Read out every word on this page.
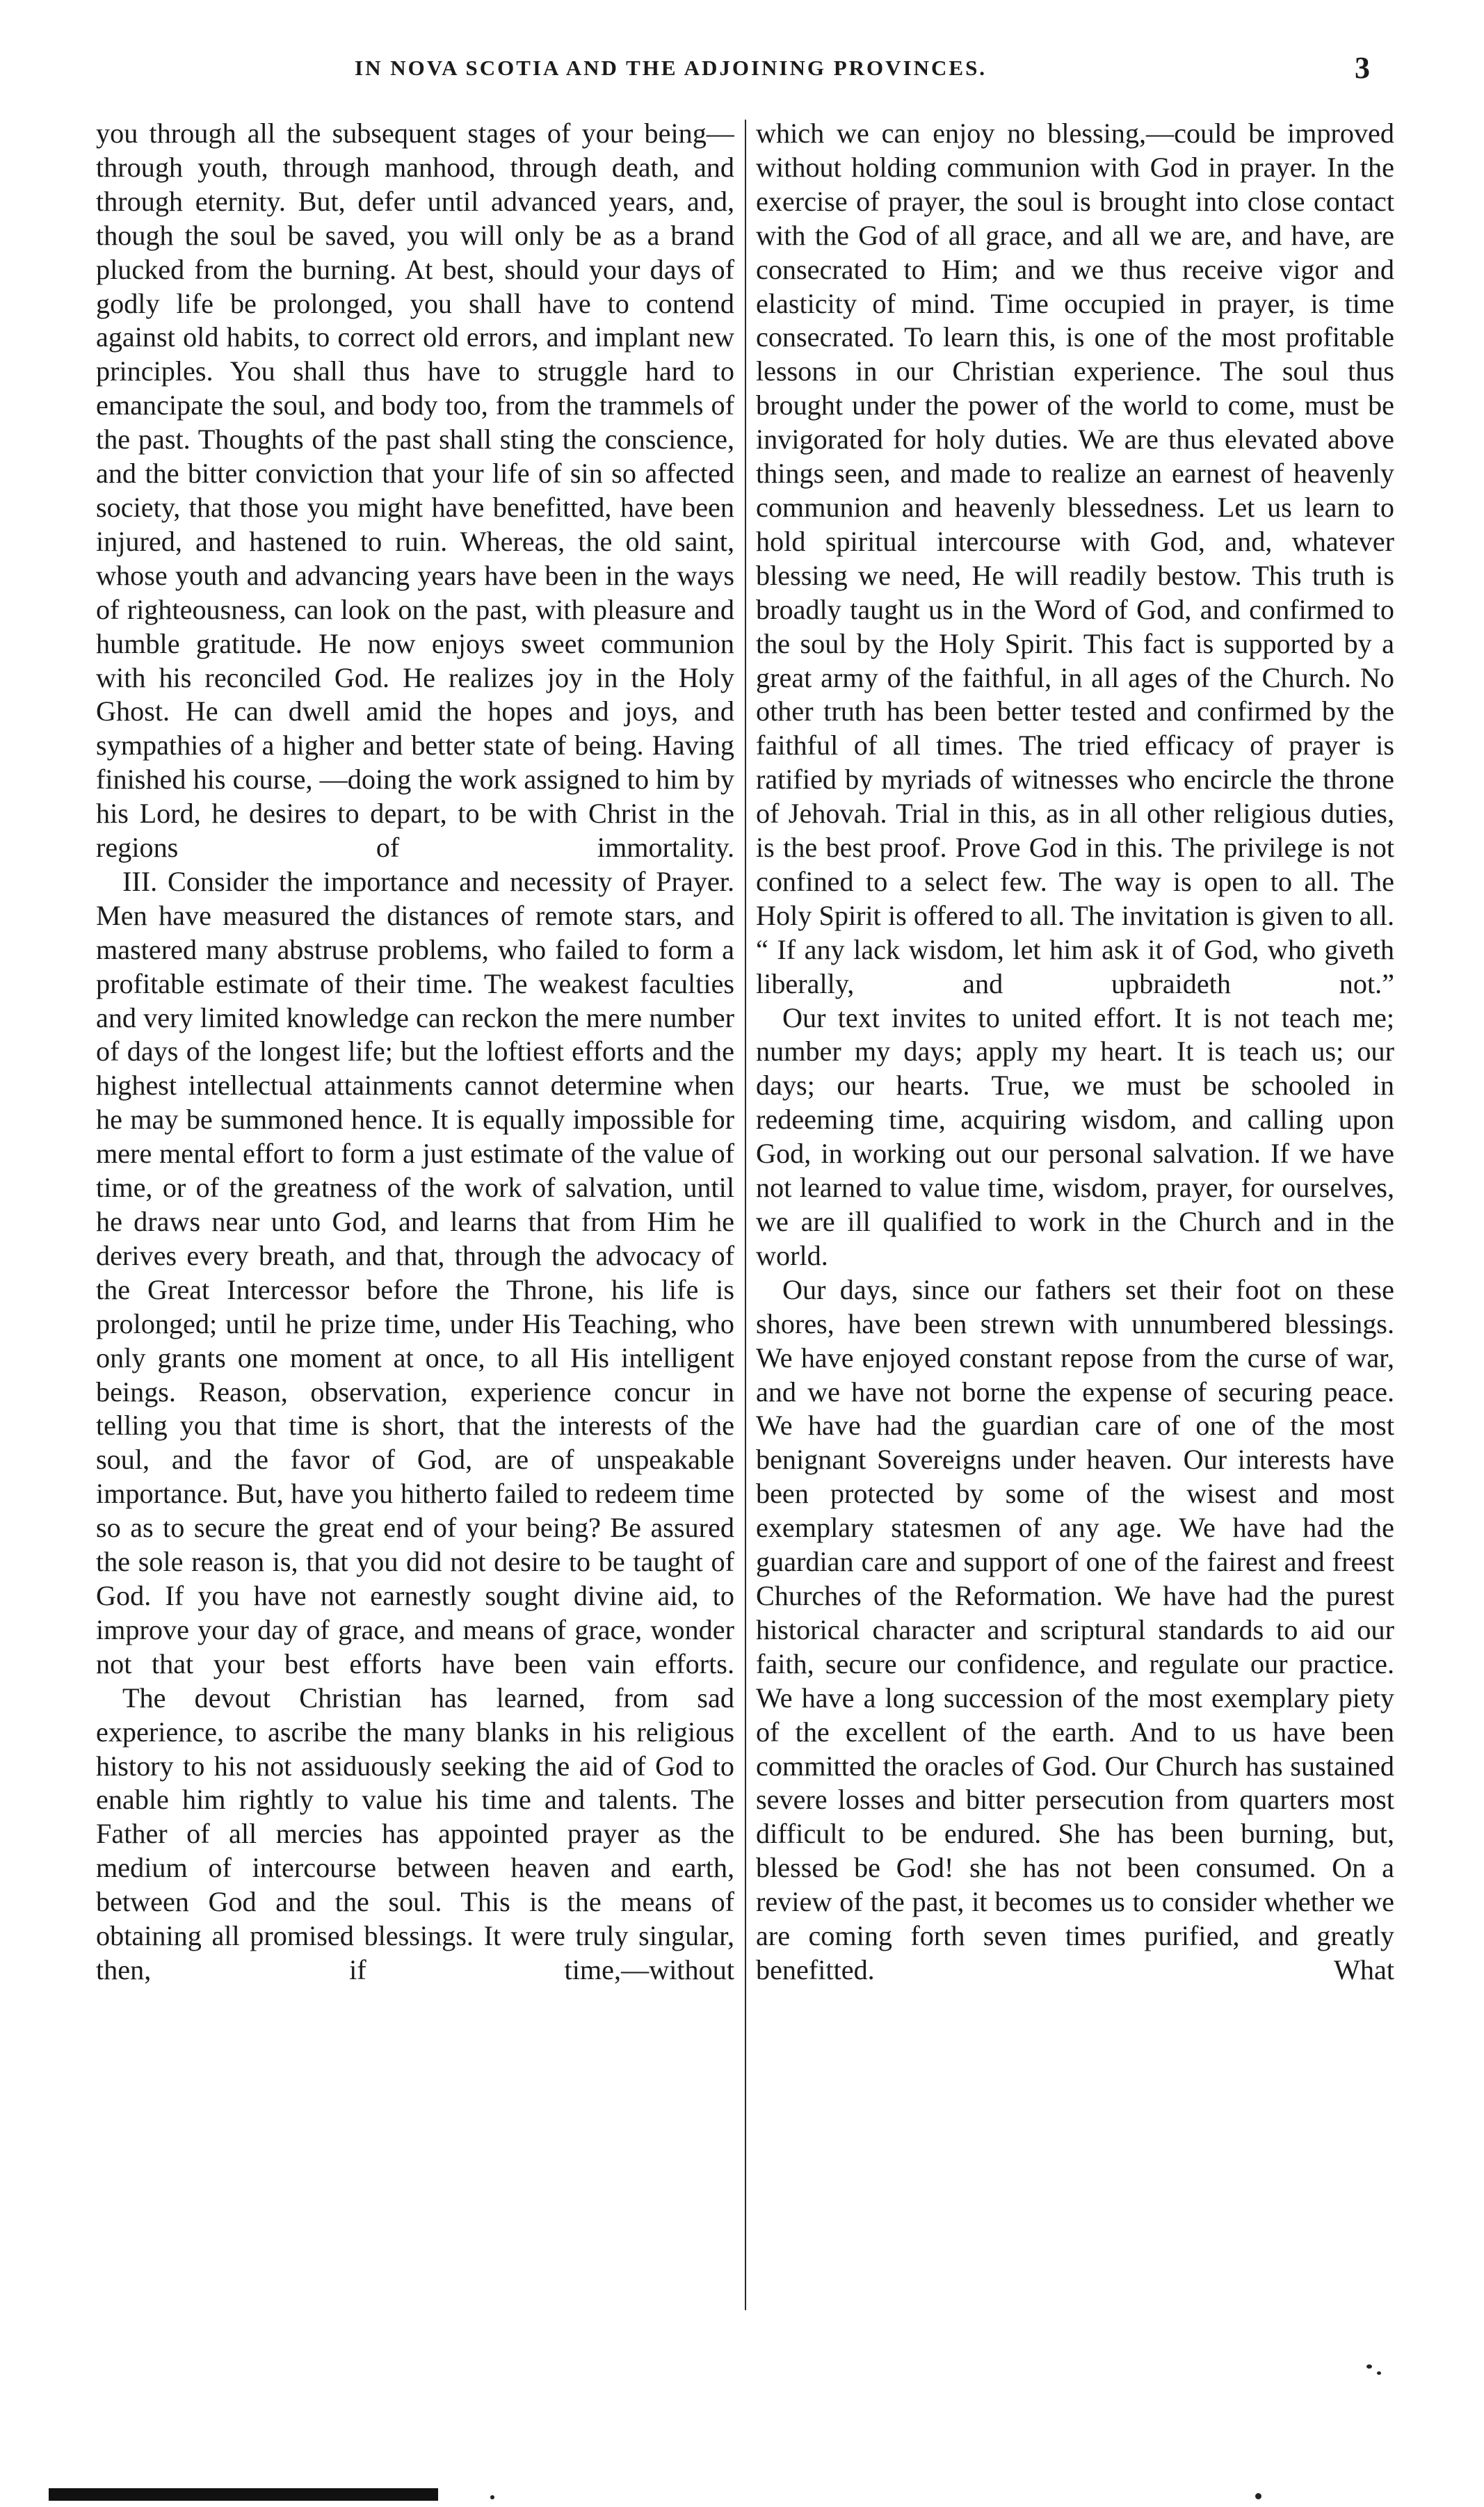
IN NOVA SCOTIA AND THE ADJOINING PROVINCES.	3

you through all the subsequent stages of your being—through youth, through manhood, through death, and through eternity. But, defer until advanced years, and, though the soul be saved, you will only be as a brand plucked from the burning. At best, should your days of godly life be prolonged, you shall have to contend against old habits, to correct old errors, and implant new principles. You shall thus have to struggle hard to emancipate the soul, and body too, from the trammels of the past. Thoughts of the past shall sting the conscience, and the bitter conviction that your life of sin so affected society, that those you might have benefitted, have been injured, and hastened to ruin. Whereas, the old saint, whose youth and advancing years have been in the ways of righteousness, can look on the past, with pleasure and humble gratitude. He now enjoys sweet communion with his reconciled God. He realizes joy in the Holy Ghost. He can dwell amid the hopes and joys, and sympathies of a higher and better state of being. Having finished his course, —doing the work assigned to him by his Lord, he desires to depart, to be with Christ in the regions of immortality.

III. Consider the importance and necessity of Prayer. Men have measured the distances of remote stars, and mastered many abstruse problems, who failed to form a profitable estimate of their time. The weakest faculties and very limited knowledge can reckon the mere number of days of the longest life; but the loftiest efforts and the highest intellectual attainments cannot determine when he may be summoned hence. It is equally impossible for mere mental effort to form a just estimate of the value of time, or of the greatness of the work of salvation, until he draws near unto God, and learns that from Him he derives every breath, and that, through the advocacy of the Great Intercessor before the Throne, his life is prolonged; until he prize time, under His Teaching, who only grants one moment at once, to all His intelligent beings. Reason, observation, experience concur in telling you that time is short, that the interests of the soul, and the favor of God, are of unspeakable importance. But, have you hitherto failed to redeem time so as to secure the great end of your being? Be assured the sole reason is, that you did not desire to be taught of God. If you have not earnestly sought divine aid, to improve your day of grace, and means of grace, wonder not that your best efforts have been vain efforts.

The devout Christian has learned, from sad experience, to ascribe the many blanks in his religious history to his not assiduously seeking the aid of God to enable him rightly to value his time and talents. The Father of all mercies has appointed prayer as the medium of intercourse between heaven and earth, between God and the soul. This is the means of obtaining all promised blessings. It were truly singular, then, if time,—without

which we can enjoy no blessing,—could be improved without holding communion with God in prayer. In the exercise of prayer, the soul is brought into close contact with the God of all grace, and all we are, and have, are consecrated to Him; and we thus receive vigor and elasticity of mind. Time occupied in prayer, is time consecrated. To learn this, is one of the most profitable lessons in our Christian experience. The soul thus brought under the power of the world to come, must be invigorated for holy duties. We are thus elevated above things seen, and made to realize an earnest of heavenly communion and heavenly blessedness. Let us learn to hold spiritual intercourse with God, and, whatever blessing we need, He will readily bestow. This truth is broadly taught us in the Word of God, and confirmed to the soul by the Holy Spirit. This fact is supported by a great army of the faithful, in all ages of the Church. No other truth has been better tested and confirmed by the faithful of all times. The tried efficacy of prayer is ratified by myriads of witnesses who encircle the throne of Jehovah. Trial in this, as in all other religious duties, is the best proof. Prove God in this. The privilege is not confined to a select few. The way is open to all. The Holy Spirit is offered to all. The invitation is given to all. “ If any lack wisdom, let him ask it of God, who giveth liberally, and upbraideth not.”

Our text invites to united effort. It is not teach me; number my days; apply my heart. It is teach us; our days; our hearts. True, we must be schooled in redeeming time, acquiring wisdom, and calling upon God, in working out our personal salvation. If we have not learned to value time, wisdom, prayer, for ourselves, we are ill qualified to work in the Church and in the world.

Our days, since our fathers set their foot on these shores, have been strewn with unnumbered blessings. We have enjoyed constant repose from the curse of war, and we have not borne the expense of securing peace. We have had the guardian care of one of the most benignant Sovereigns under heaven. Our interests have been protected by some of the wisest and most exemplary statesmen of any age. We have had the guardian care and support of one of the fairest and freest Churches of the Reformation. We have had the purest historical character and scriptural standards to aid our faith, secure our confidence, and regulate our practice. We have a long succession of the most exemplary piety of the excellent of the earth. And to us have been committed the oracles of God. Our Church has sustained severe losses and bitter persecution from quarters most difficult to be endured. She has been burning, but, blessed be God! she has not been consumed. On a review of the past, it becomes us to consider whether we are coming forth seven times purified, and greatly benefitted. What
